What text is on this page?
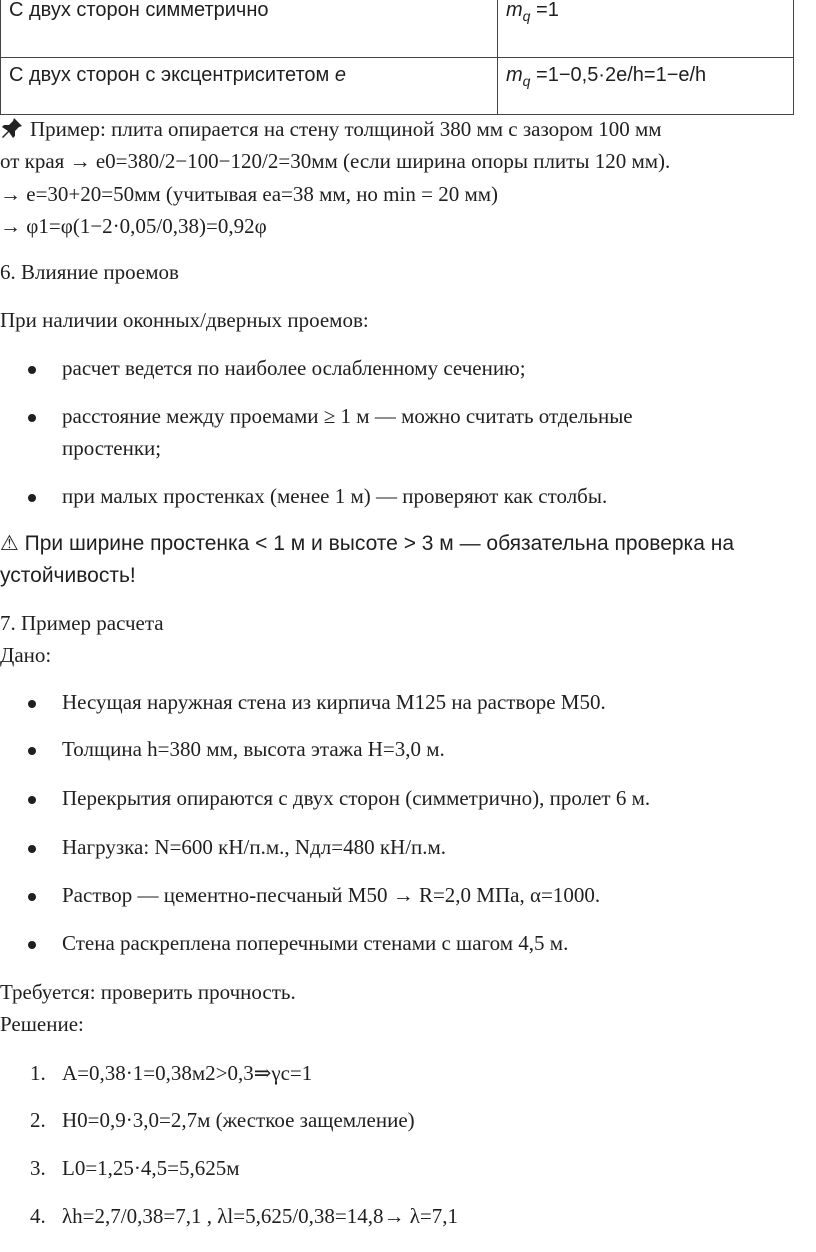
С двух сторон симметрично	$m_q =1$
С двух сторон с эксцентриситетом e	$m_q =1-0,5\cdot 2e/h=1-e/h$
Пример: плита опирается на стену толщиной 380 мм с зазором 100 мм
от края → e0=380/2−100−120/2=30мм (если ширина опоры плиты 120 мм).
→ e=30+20=50мм (учитывая ea=38 мм, но min = 20 мм)
→ φ1=φ(1−2·0,05/0,38)=0,92φ
6. Влияние проемов
При наличии оконных/дверных проемов:
расчет ведется по наиболее ослабленному сечению;
расстояние между проемами ≥ 1 м — можно считать отдельные
простенки;
при малых простенках (менее 1 м) — проверяют как столбы.
⚠ При ширине простенка < 1 м и высоте > 3 м — обязательна проверка на
устойчивость!
7. Пример расчета
Дано:
Несущая наружная стена из кирпича М125 на растворе М50.
Толщина h=380 мм, высота этажа H=3,0 м.
Перекрытия опираются с двух сторон (симметрично), пролет 6 м.
Нагрузка: N=600 кН/п.м., Nдл=480 кН/п.м.
Раствор — цементно-песчаный М50 → R=2,0 МПа, α=1000.
Стена раскреплена поперечными стенами с шагом 4,5 м.
Требуется: проверить прочность.
Решение:
1. A=0,38·1=0,38м2>0,3⇒γc=1
2. H0=0,9·3,0=2,7м (жесткое защемление)
3. L0=1,25·4,5=5,625м
4. λh=2,7/0,38=7,1 , λl=5,625/0,38=14,8→ λ=7,1
